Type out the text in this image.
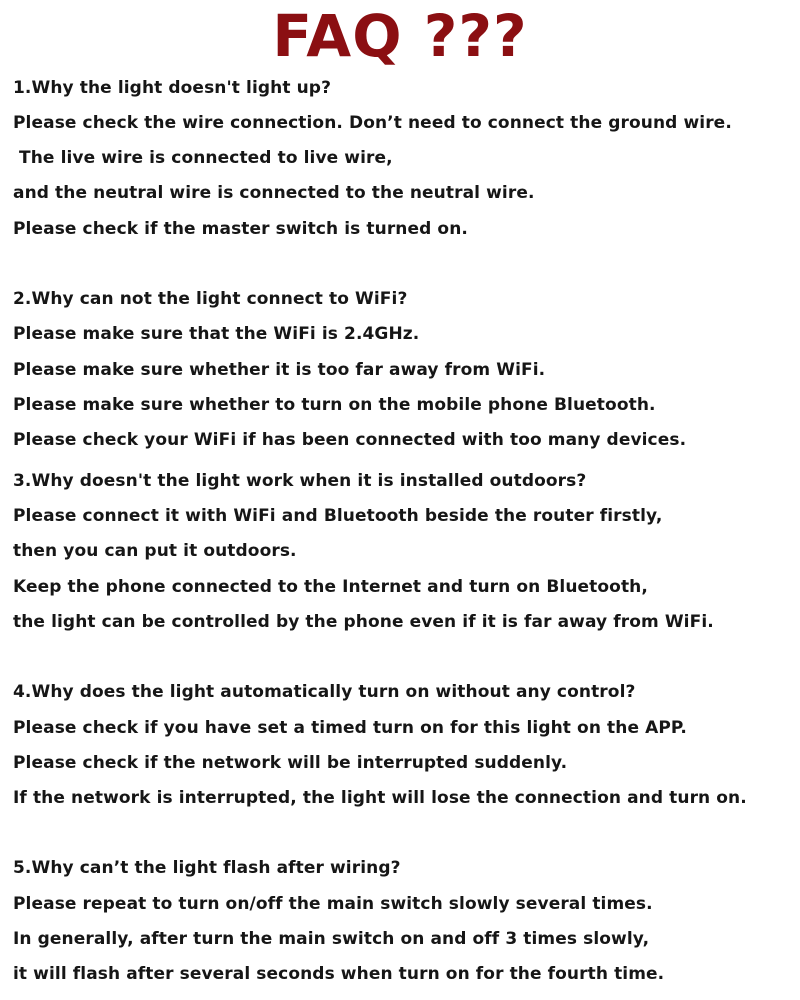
FAQ ???

1.Why the light doesn't light up?

Please check the wire connection. Don’t need to connect the ground wire.

The live wire is connected to live wire,

and the neutral wire is connected to the neutral wire.

Please check if the master switch is turned on.

2.Why can not the light connect to WiFi?

Please make sure that the WiFi is 2.4GHz.

Please make sure whether it is too far away from WiFi.

Please make sure whether to turn on the mobile phone Bluetooth.

Please check your WiFi if has been connected with too many devices.

3.Why doesn't the light work when it is installed outdoors?

Please connect it with WiFi and Bluetooth beside the router firstly,

then you can put it outdoors.

Keep the phone connected to the Internet and turn on Bluetooth,

the light can be controlled by the phone even if it is far away from WiFi.

4.Why does the light automatically turn on without any control?

Please check if you have set a timed turn on for this light on the APP.

Please check if the network will be interrupted suddenly.

If the network is interrupted, the light will lose the connection and turn on.

5.Why can’t the light flash after wiring?

Please repeat to turn on/off the main switch slowly several times.

In generally, after turn the main switch on and off 3 times slowly,

it will flash after several seconds when turn on for the fourth time.
